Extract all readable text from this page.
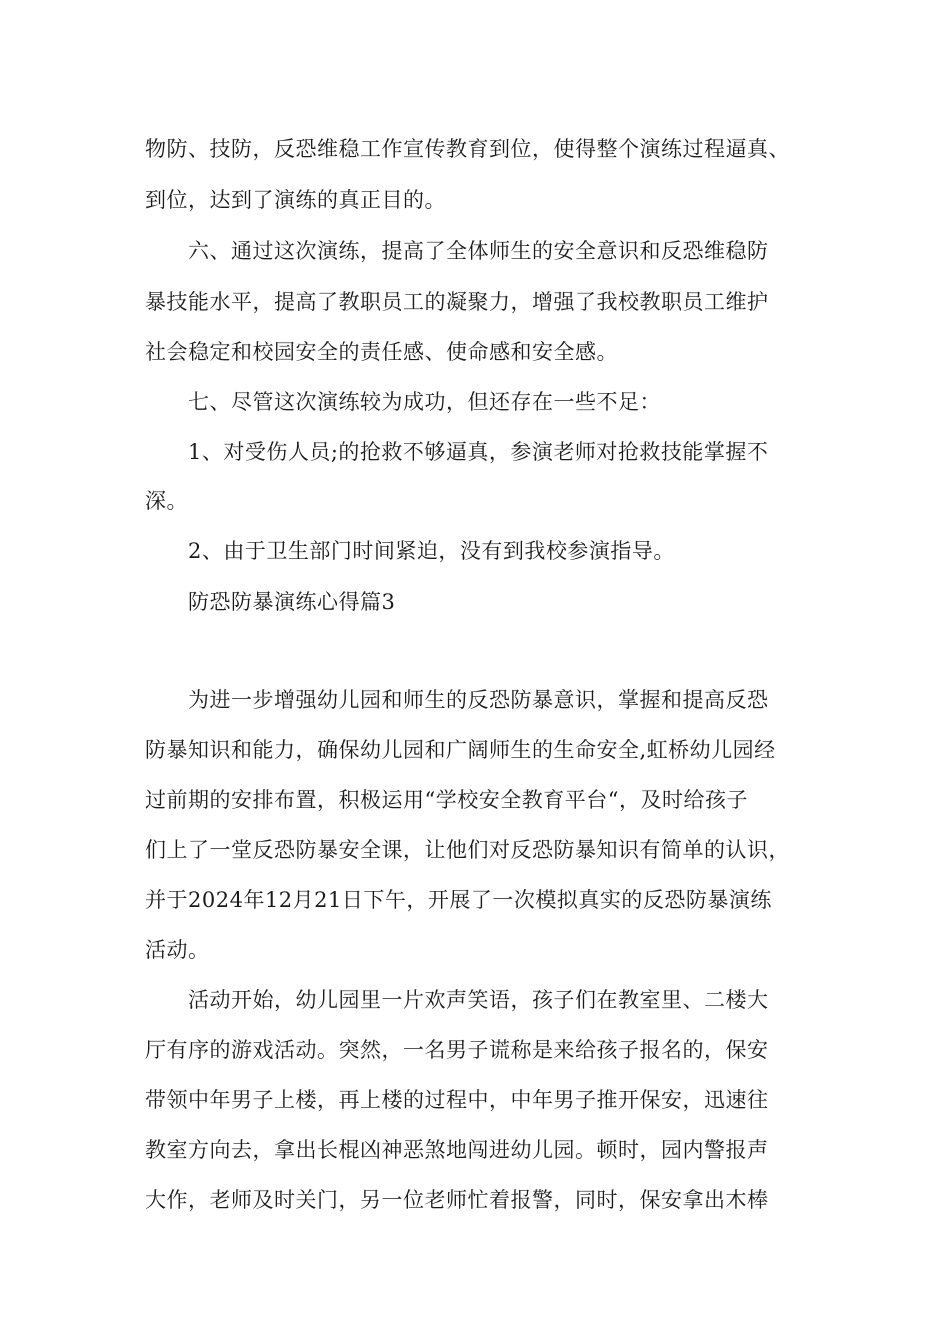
物防、技防，反恐维稳工作宣传教育到位，使得整个演练过程逼真、
到位，达到了演练的真正目的。
六、通过这次演练，提高了全体师生的安全意识和反恐维稳防
暴技能水平，提高了教职员工的凝聚力，增强了我校教职员工维护
社会稳定和校园安全的责任感、使命感和安全感。
七、尽管这次演练较为成功，但还存在一些不足：
1、对受伤人员;的抢救不够逼真，参演老师对抢救技能掌握不
深。
2、由于卫生部门时间紧迫，没有到我校参演指导。
防恐防暴演练心得篇3
为进一步增强幼儿园和师生的反恐防暴意识，掌握和提高反恐
防暴知识和能力，确保幼儿园和广阔师生的生命安全,虹桥幼儿园经
过前期的安排布置，积极运用“学校安全教育平台“，及时给孩子
们上了一堂反恐防暴安全课，让他们对反恐防暴知识有简单的认识，
并于2024年12月21日下午，开展了一次模拟真实的反恐防暴演练
活动。
活动开始，幼儿园里一片欢声笑语，孩子们在教室里、二楼大
厅有序的游戏活动。突然，一名男子谎称是来给孩子报名的，保安
带领中年男子上楼，再上楼的过程中，中年男子推开保安，迅速往
教室方向去，拿出长棍凶神恶煞地闯进幼儿园。顿时，园内警报声
大作，老师及时关门，另一位老师忙着报警，同时，保安拿出木棒
